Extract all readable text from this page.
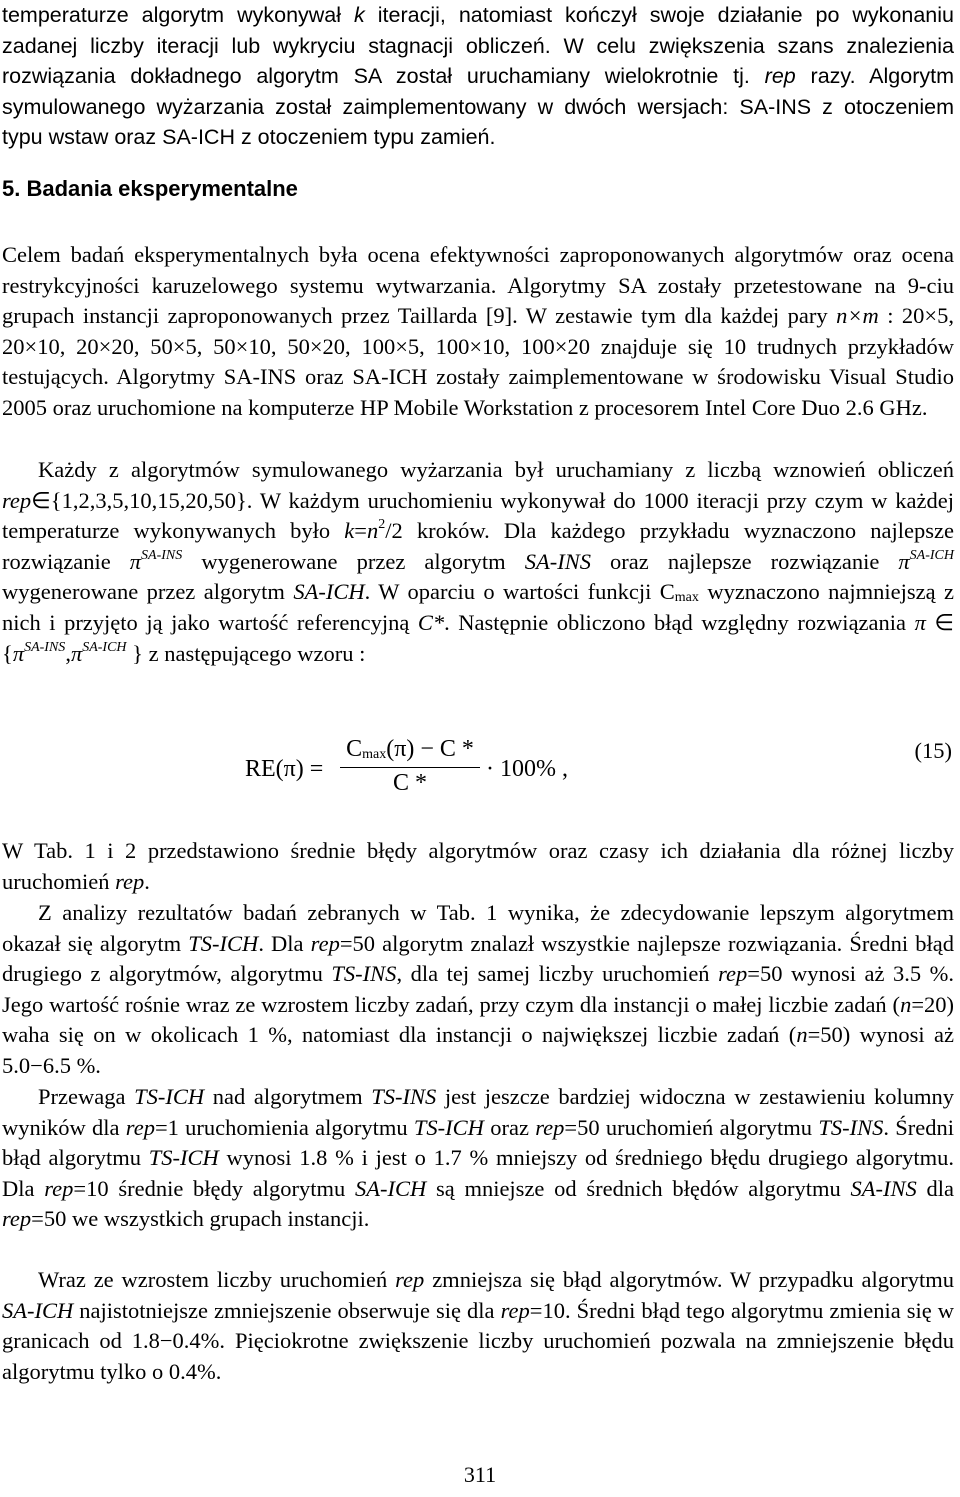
temperaturze algorytm wykonywał k iteracji, natomiast kończył swoje działanie po wykonaniu zadanej liczby iteracji lub wykryciu stagnacji obliczeń. W celu zwiększenia szans znalezienia rozwiązania dokładnego algorytm SA został uruchamiany wielokrotnie tj. rep razy. Algorytm symulowanego wyżarzania został zaimplementowany w dwóch wersjach: SA-INS z otoczeniem typu wstaw oraz SA-ICH z otoczeniem typu zamień.

5. Badania eksperymentalne

Celem badań eksperymentalnych była ocena efektywności zaproponowanych algorytmów oraz ocena restrykcyjności karuzelowego systemu wytwarzania. Algorytmy SA zostały przetestowane na 9-ciu grupach instancji zaproponowanych przez Taillarda [9]. W zestawie tym dla każdej pary n×m : 20×5, 20×10, 20×20, 50×5, 50×10, 50×20, 100×5, 100×10, 100×20 znajduje się 10 trudnych przykładów testujących. Algorytmy SA-INS oraz SA-ICH zostały zaimplementowane w środowisku Visual Studio 2005 oraz uruchomione na komputerze HP Mobile Workstation z procesorem Intel Core Duo 2.6 GHz.

Każdy z algorytmów symulowanego wyżarzania był uruchamiany z liczbą wznowień obliczeń rep∈{1,2,3,5,10,15,20,50}. W każdym uruchomieniu wykonywał do 1000 iteracji przy czym w każdej temperaturze wykonywanych było $k=n^2/2$ kroków. Dla każdego przykładu wyznaczono najlepsze rozwiązanie $\pi^{SA-INS}$ wygenerowane przez algorytm SA-INS oraz najlepsze rozwiązanie $\pi^{SA-ICH}$ wygenerowane przez algorytm SA-ICH. W oparciu o wartości funkcji $C_{max}$ wyznaczono najmniejszą z nich i przyjęto ją jako wartość referencyjną C*. Następnie obliczono błąd względny rozwiązania π ∈ {$\pi^{SA-INS},\pi^{SA-ICH}$ } z następującego wzoru :

RE(π) =
$C_{max}(\pi) - C$ *
C *
· 100% ,
(15)

W Tab. 1 i 2 przedstawiono średnie błędy algorytmów oraz czasy ich działania dla różnej liczby uruchomień rep.

Z analizy rezultatów badań zebranych w Tab. 1 wynika, że zdecydowanie lepszym algorytmem okazał się algorytm TS-ICH. Dla rep=50 algorytm znalazł wszystkie najlepsze rozwiązania. Średni błąd drugiego z algorytmów, algorytmu TS-INS, dla tej samej liczby uruchomień rep=50 wynosi aż 3.5 %. Jego wartość rośnie wraz ze wzrostem liczby zadań, przy czym dla instancji o małej liczbie zadań (n=20) waha się on w okolicach 1 %, natomiast dla instancji o największej liczbie zadań (n=50) wynosi aż 5.0−6.5 %.

Przewaga TS-ICH nad algorytmem TS-INS jest jeszcze bardziej widoczna w zestawieniu kolumny wyników dla rep=1 uruchomienia algorytmu TS-ICH oraz rep=50 uruchomień algorytmu TS-INS. Średni błąd algorytmu TS-ICH wynosi 1.8 % i jest o 1.7 % mniejszy od średniego błędu drugiego algorytmu. Dla rep=10 średnie błędy algorytmu SA-ICH są mniejsze od średnich błędów algorytmu SA-INS dla rep=50 we wszystkich grupach instancji.

Wraz ze wzrostem liczby uruchomień rep zmniejsza się błąd algorytmów. W przypadku algorytmu SA-ICH najistotniejsze zmniejszenie obserwuje się dla rep=10. Średni błąd tego algorytmu zmienia się w granicach od 1.8−0.4%. Pięciokrotne zwiększenie liczby uruchomień pozwala na zmniejszenie błędu algorytmu tylko o 0.4%.

311
